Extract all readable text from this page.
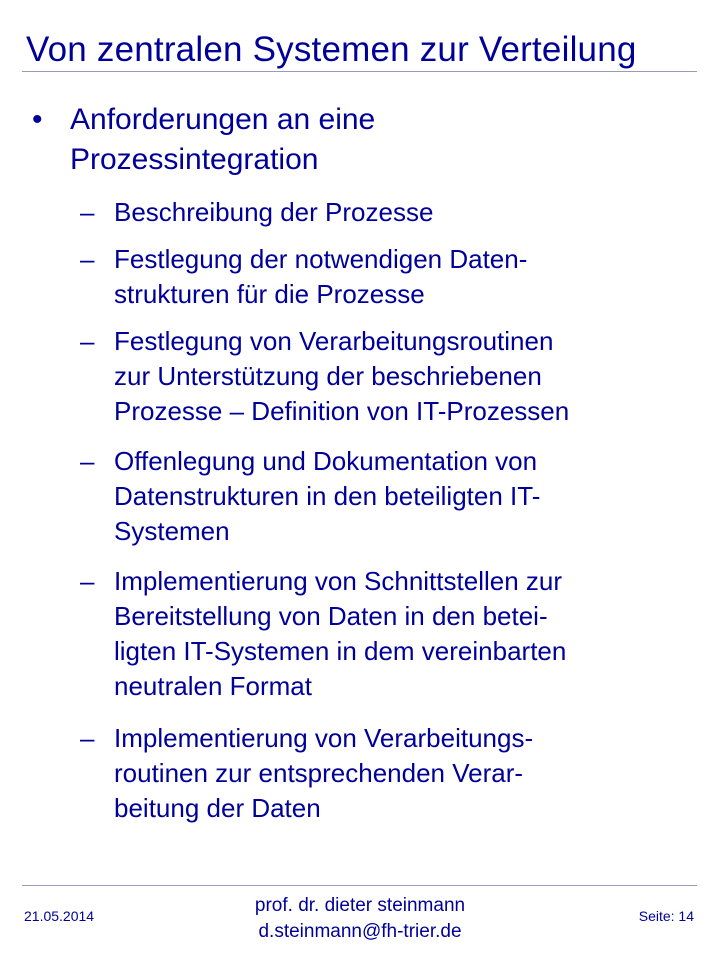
Von zentralen Systemen zur Verteilung
• Anforderungen an eine
Prozessintegration
– Beschreibung der Prozesse
– Festlegung der notwendigen Daten-
strukturen für die Prozesse
– Festlegung von Verarbeitungsroutinen
zur Unterstützung der beschriebenen
Prozesse – Definition von IT-Prozessen
– Offenlegung und Dokumentation von
Datenstrukturen in den beteiligten IT-
Systemen
– Implementierung von Schnittstellen zur
Bereitstellung von Daten in den betei-
ligten IT-Systemen in dem vereinbarten
neutralen Format
– Implementierung von Verarbeitungs-
routinen zur entsprechenden Verar-
beitung der Daten
21.05.2014	prof. dr. dieter steinmann
d.steinmann@fh-trier.de
Seite: 14
